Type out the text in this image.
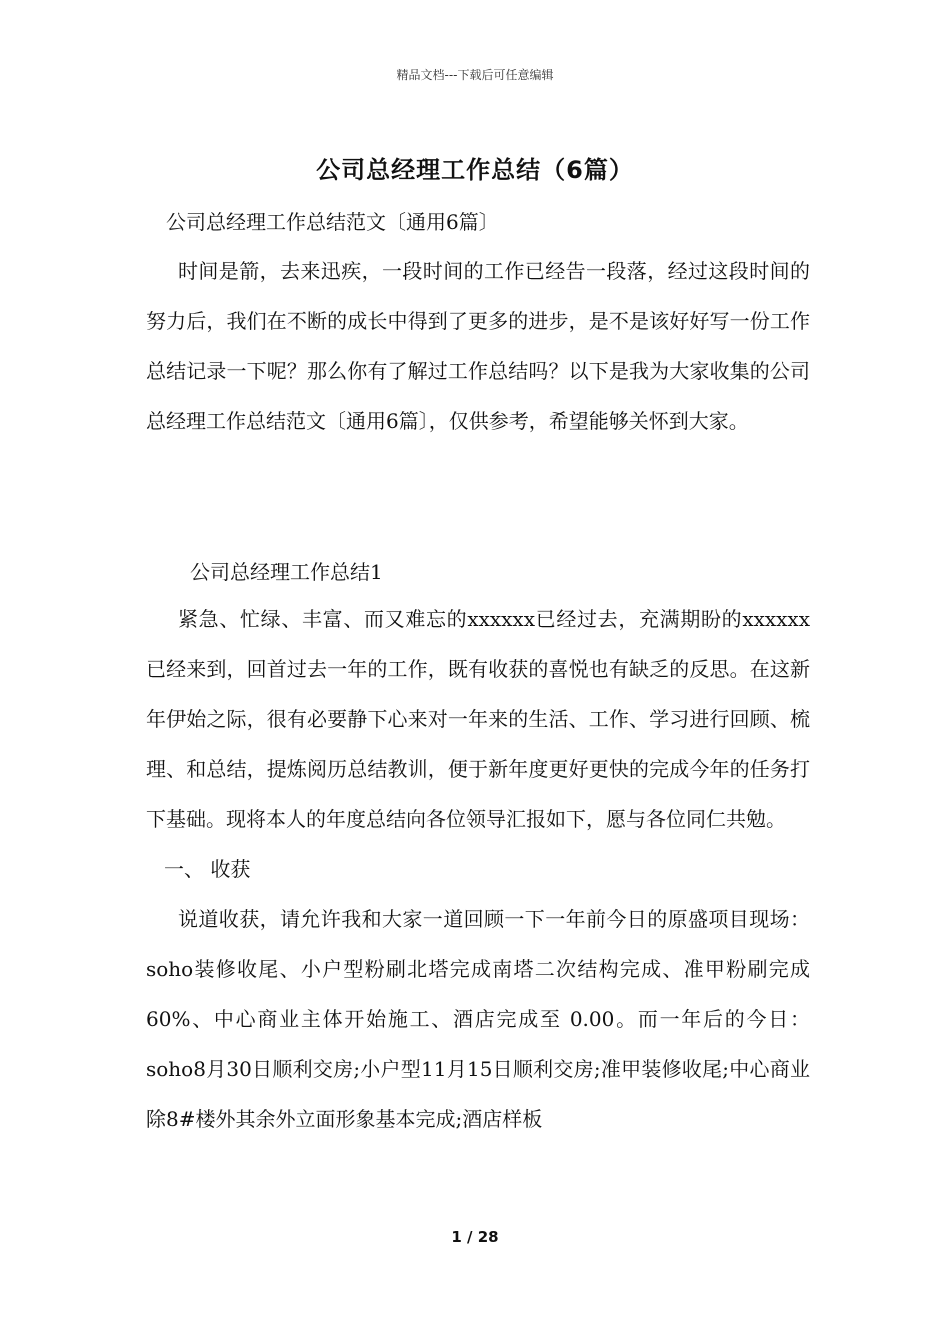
精品文档---下载后可任意编辑
公司总经理工作总结（6篇）
公司总经理工作总结范文〔通用6篇〕

时间是箭，去来迅疾，一段时间的工作已经告一段落，经过这段时间的努力后，我们在不断的成长中得到了更多的进步，是不是该好好写一份工作总结记录一下呢？那么你有了解过工作总结吗？以下是我为大家收集的公司总经理工作总结范文〔通用6篇〕，仅供参考，希望能够关怀到大家。

公司总经理工作总结1

紧急、忙绿、丰富、而又难忘的xxxxxx已经过去，充满期盼的xxxxxx已经来到，回首过去一年的工作，既有收获的喜悦也有缺乏的反思。在这新年伊始之际，很有必要静下心来对一年来的生活、工作、学习进行回顾、梳理、和总结，提炼阅历总结教训，便于新年度更好更快的完成今年的任务打下基础。现将本人的年度总结向各位领导汇报如下，愿与各位同仁共勉。

一、 收获

说道收获，请允许我和大家一道回顾一下一年前今日的原盛项目现场：soho装修收尾、小户型粉刷北塔完成南塔二次结构完成、准甲粉刷完成60%、中心商业主体开始施工、酒店完成至 0.00。而一年后的今日：soho8月30日顺利交房;小户型11月15日顺利交房;准甲装修收尾;中心商业除8#楼外其余外立面形象基本完成;酒店样板

1 / 28
